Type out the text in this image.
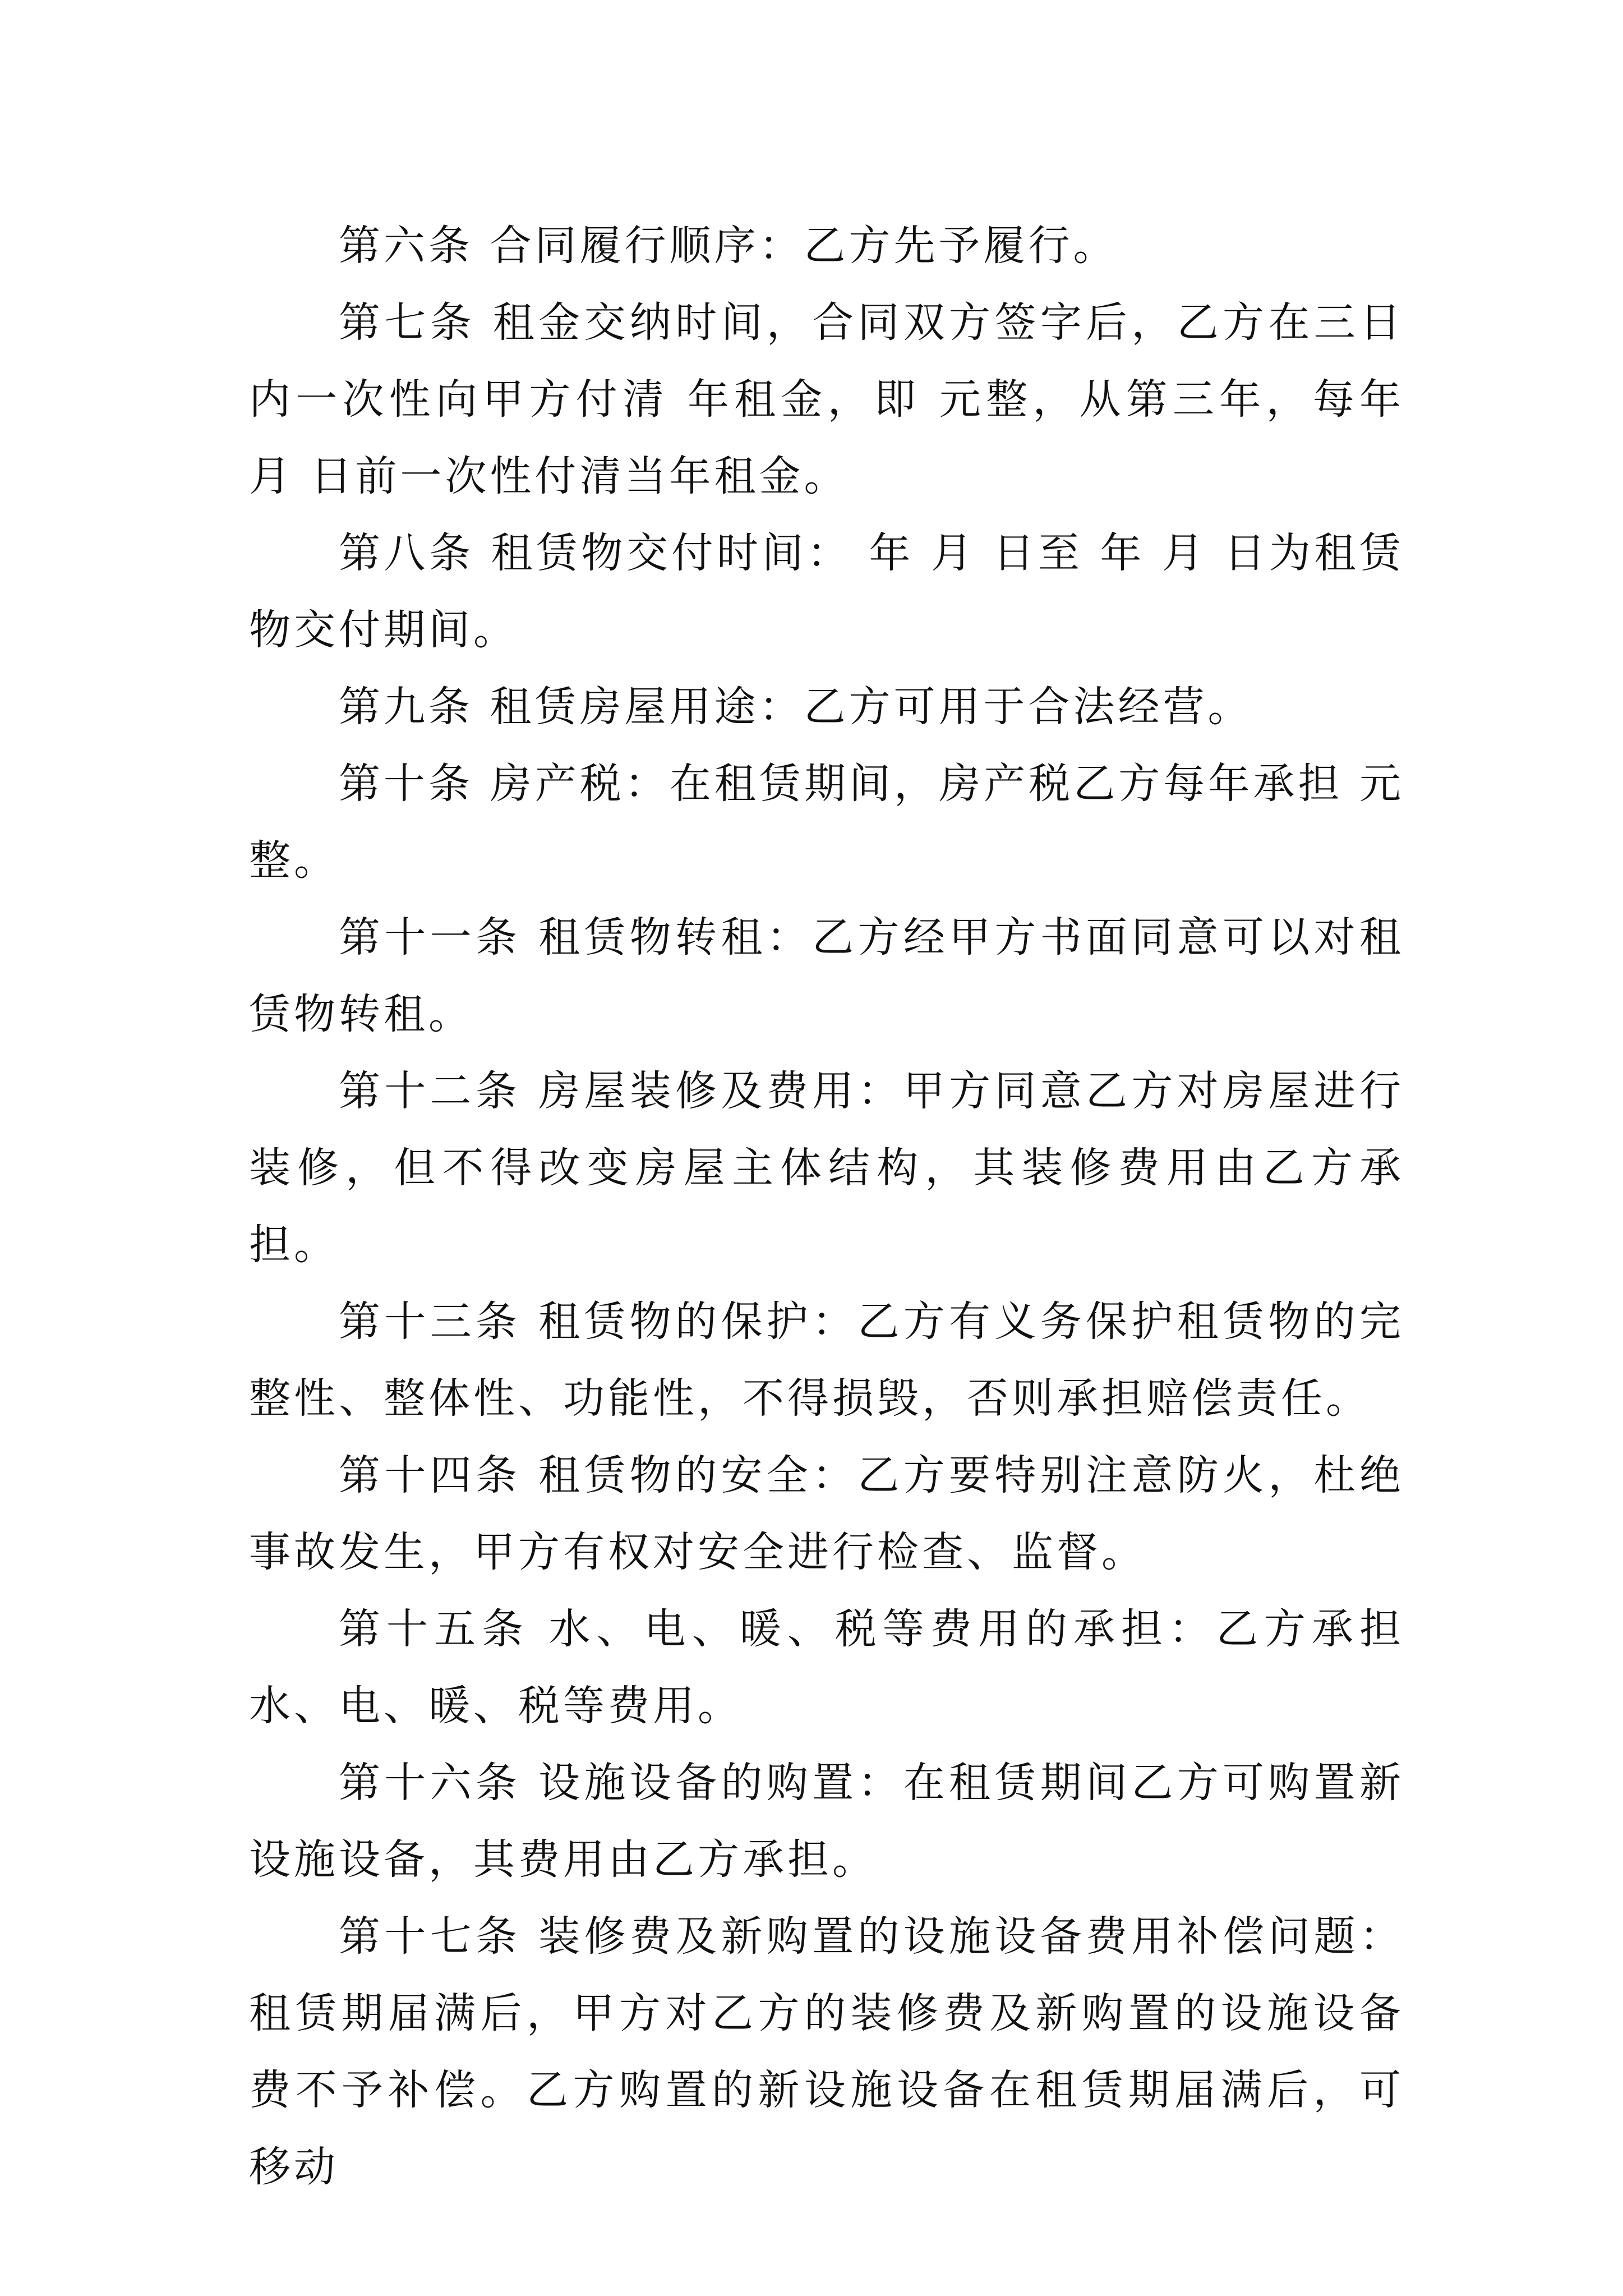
第六条 合同履行顺序：乙方先予履行。

第七条 租金交纳时间，合同双方签字后，乙方在三日内一次性向甲方付清 年租金，即 元整，从第三年，每年 月 日前一次性付清当年租金。

第八条 租赁物交付时间： 年 月 日至 年 月 日为租赁物交付期间。

第九条 租赁房屋用途：乙方可用于合法经营。

第十条 房产税：在租赁期间，房产税乙方每年承担 元整。

第十一条 租赁物转租：乙方经甲方书面同意可以对租赁物转租。

第十二条 房屋装修及费用：甲方同意乙方对房屋进行装修，但不得改变房屋主体结构，其装修费用由乙方承担。

第十三条 租赁物的保护：乙方有义务保护租赁物的完整性、整体性、功能性，不得损毁，否则承担赔偿责任。

第十四条 租赁物的安全：乙方要特别注意防火，杜绝事故发生，甲方有权对安全进行检查、监督。

第十五条 水、电、暖、税等费用的承担：乙方承担水、电、暖、税等费用。

第十六条 设施设备的购置：在租赁期间乙方可购置新设施设备，其费用由乙方承担。

第十七条 装修费及新购置的设施设备费用补偿问题：租赁期届满后，甲方对乙方的装修费及新购置的设施设备费不予补偿。乙方购置的新设施设备在租赁期届满后，可移动
